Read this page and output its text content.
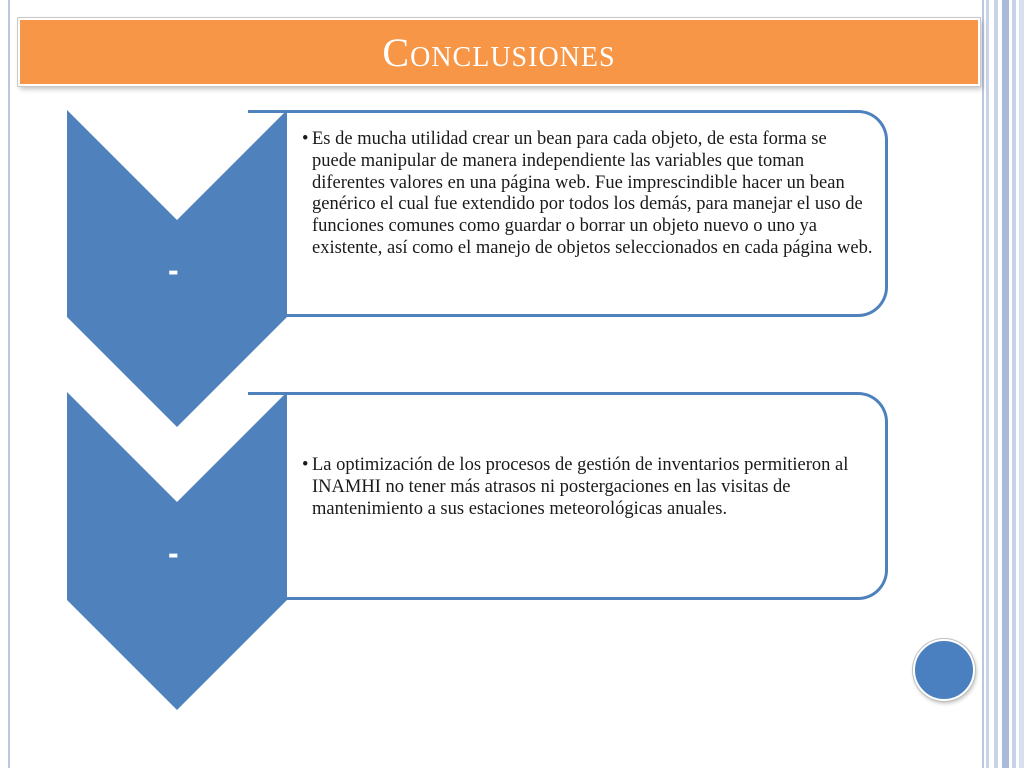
Conclusiones
• Es de mucha utilidad crear un bean para cada objeto, de esta forma se puede manipular de manera independiente las variables que toman diferentes valores en una página web. Fue imprescindible hacer un bean genérico el cual fue extendido por todos los demás, para manejar el uso de funciones comunes como guardar o borrar un objeto nuevo o uno ya existente, así como el manejo de objetos seleccionados en cada página web.
• La optimización de los procesos de gestión de inventarios permitieron al INAMHI no tener más atrasos ni postergaciones en las visitas de mantenimiento a sus estaciones meteorológicas anuales.
-
-
